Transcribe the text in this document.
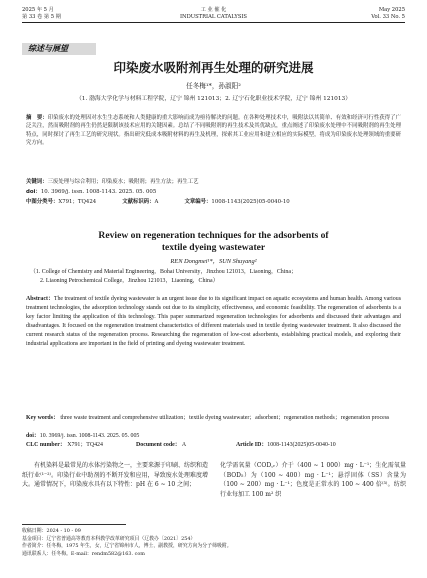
2025 年 5 月
第 33 卷 第 5 期
工 业 催 化
INDUSTRIAL CATALYSIS
May 2025
Vol. 33 No. 5
综述与展望
印染废水吸附剂再生处理的研究进展
任冬梅¹*，孙淑阳²
（1. 渤海大学化学与材料工程学院，辽宁 锦州 121013；2. 辽宁石化职业技术学院，辽宁 锦州 121013）
摘　要：印染废水的处理因对水生生态系统和人类健康的重大影响而成为亟待解决的问题。在各种处理技术中，吸附法以其简单、有效和经济可行性获得了广泛关注，然而吸附剂的再生仍然是限制该技术应用的关键因素。总结了不同吸附剂的再生技术及其优缺点，重点阐述了印染废水处理中不同吸附剂的再生处理特点，同时探讨了再生工艺的研究现状。指出研究低成本吸附材料的再生及机理，探索其工业应用和建立相应的实际模型，将成为印染废水处理领域的重要研究方向。
关键词：三废处理与综合利用；印染废水；吸附剂；再生方法；再生工艺
doi：10. 3969/j. issn. 1008-1143. 2025. 05. 005
中图分类号：X791；TQ424	文献标识码：A	文章编号：1008-1143(2025)05-0040-10
Review on regeneration techniques for the adsorbents of
textile dyeing wastewater
REN Dongmei¹*，SUN Shuyang²
（1. College of Chemistry and Material Engineering，Bohai University，Jinzhou 121013，Liaoning，China；
2. Liaoning Petrochemical College，Jinzhou 121013，Liaoning，China）
Abstract：The treatment of textile dyeing wastewater is an urgent issue due to its significant impact on aquatic ecosystems and human health. Among various treatment technologies, the adsorption technology stands out due to its simplicity, effectiveness, and economic feasibility. The regeneration of adsorbents is a key factor limiting the application of this technology. This paper summarized regeneration technologies for adsorbents and discussed their advantages and disadvantages. It focused on the regeneration treatment characteristics of different materials used in textile dyeing wastewater treatment. It also discussed the current research status of the regeneration process. Researching the regeneration of low-cost adsorbents, establishing practical models, and exploring their industrial applications are important in the field of printing and dyeing wastewater treatment.
Key words： three waste treatment and comprehensive utilization；textile dyeing wastewater；adsorbent；regeneration methods；regeneration process
doi：10. 3969/j. issn. 1008-1143. 2025. 05. 005
CLC number： X791；TQ424	Document code： A	Article ID：1008-1143(2025)05-0040-10

有机染料是最常见的水体污染物之一，主要来源于印刷、纺织和造纸行业⁽¹⁻²⁾。印染行业中助剂的不断开发和应用，导致废水处理难度增大。通常情况下，印染废水具有以下特性：pH 在 6 ~ 10 之间；

化学需氧量（COD꜀ᵣ）介于（400 ~ 1 000）mg · L⁻¹；生化需氧量（BOD₅）为（100 ~ 400）mg · L⁻¹；悬浮固体（SS）含量为（100 ~ 200）mg · L⁻¹；色度是正常水的 100 ~ 400 倍⁽³⁾。纺织行业每加工 100 m² 织

收稿日期：2024 - 10 - 09
基金项目：辽宁省普通高等教育本科教学改革研究项目（辽教办〔2021〕254）
作者简介：任冬梅，1975 年生，女，辽宁省锦州市人，博士，副教授，研究方向为分子筛吸附。
通讯联系人：任冬梅。E-mail：rendm582@163. com
